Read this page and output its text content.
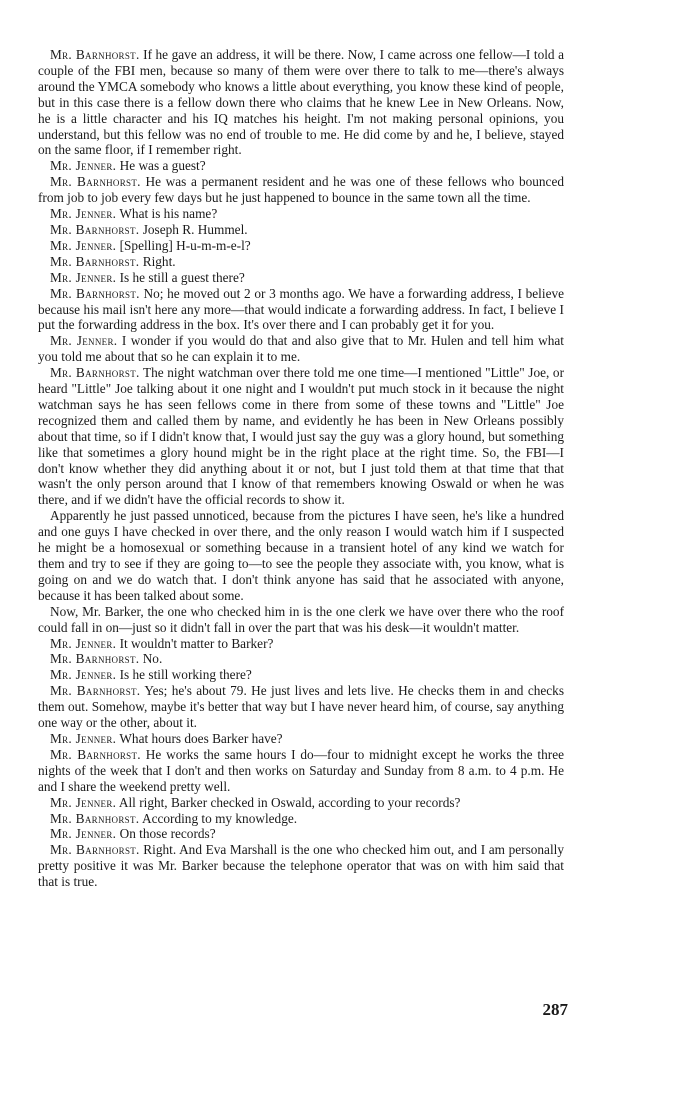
Mr. Barnhorst. If he gave an address, it will be there. Now, I came across one fellow—I told a couple of the FBI men, because so many of them were over there to talk to me—there's always around the YMCA somebody who knows a little about everything, you know these kind of people, but in this case there is a fellow down there who claims that he knew Lee in New Orleans. Now, he is a little character and his IQ matches his height. I'm not making personal opinions, you understand, but this fellow was no end of trouble to me. He did come by and he, I believe, stayed on the same floor, if I remember right.

Mr. Jenner. He was a guest?

Mr. Barnhorst. He was a permanent resident and he was one of these fellows who bounced from job to job every few days but he just happened to bounce in the same town all the time.

Mr. Jenner. What is his name?

Mr. Barnhorst. Joseph R. Hummel.

Mr. Jenner. [Spelling] H-u-m-m-e-l?

Mr. Barnhorst. Right.

Mr. Jenner. Is he still a guest there?

Mr. Barnhorst. No; he moved out 2 or 3 months ago. We have a forwarding address, I believe because his mail isn't here any more—that would indicate a forwarding address. In fact, I believe I put the forwarding address in the box. It's over there and I can probably get it for you.

Mr. Jenner. I wonder if you would do that and also give that to Mr. Hulen and tell him what you told me about that so he can explain it to me.

Mr. Barnhorst. The night watchman over there told me one time—I mentioned "Little" Joe, or heard "Little" Joe talking about it one night and I wouldn't put much stock in it because the night watchman says he has seen fellows come in there from some of these towns and "Little" Joe recognized them and called them by name, and evidently he has been in New Orleans possibly about that time, so if I didn't know that, I would just say the guy was a glory hound, but something like that sometimes a glory hound might be in the right place at the right time. So, the FBI—I don't know whether they did anything about it or not, but I just told them at that time that that wasn't the only person around that I know of that remembers knowing Oswald or when he was there, and if we didn't have the official records to show it.

Apparently he just passed unnoticed, because from the pictures I have seen, he's like a hundred and one guys I have checked in over there, and the only reason I would watch him if I suspected he might be a homosexual or something because in a transient hotel of any kind we watch for them and try to see if they are going to—to see the people they associate with, you know, what is going on and we do watch that. I don't think anyone has said that he associated with anyone, because it has been talked about some.

Now, Mr. Barker, the one who checked him in is the one clerk we have over there who the roof could fall in on—just so it didn't fall in over the part that was his desk—it wouldn't matter.

Mr. Jenner. It wouldn't matter to Barker?

Mr. Barnhorst. No.

Mr. Jenner. Is he still working there?

Mr. Barnhorst. Yes; he's about 79. He just lives and lets live. He checks them in and checks them out. Somehow, maybe it's better that way but I have never heard him, of course, say anything one way or the other, about it.

Mr. Jenner. What hours does Barker have?

Mr. Barnhorst. He works the same hours I do—four to midnight except he works the three nights of the week that I don't and then works on Saturday and Sunday from 8 a.m. to 4 p.m. He and I share the weekend pretty well.

Mr. Jenner. All right, Barker checked in Oswald, according to your records?

Mr. Barnhorst. According to my knowledge.

Mr. Jenner. On those records?

Mr. Barnhorst. Right. And Eva Marshall is the one who checked him out, and I am personally pretty positive it was Mr. Barker because the telephone operator that was on with him said that that is true.

287
